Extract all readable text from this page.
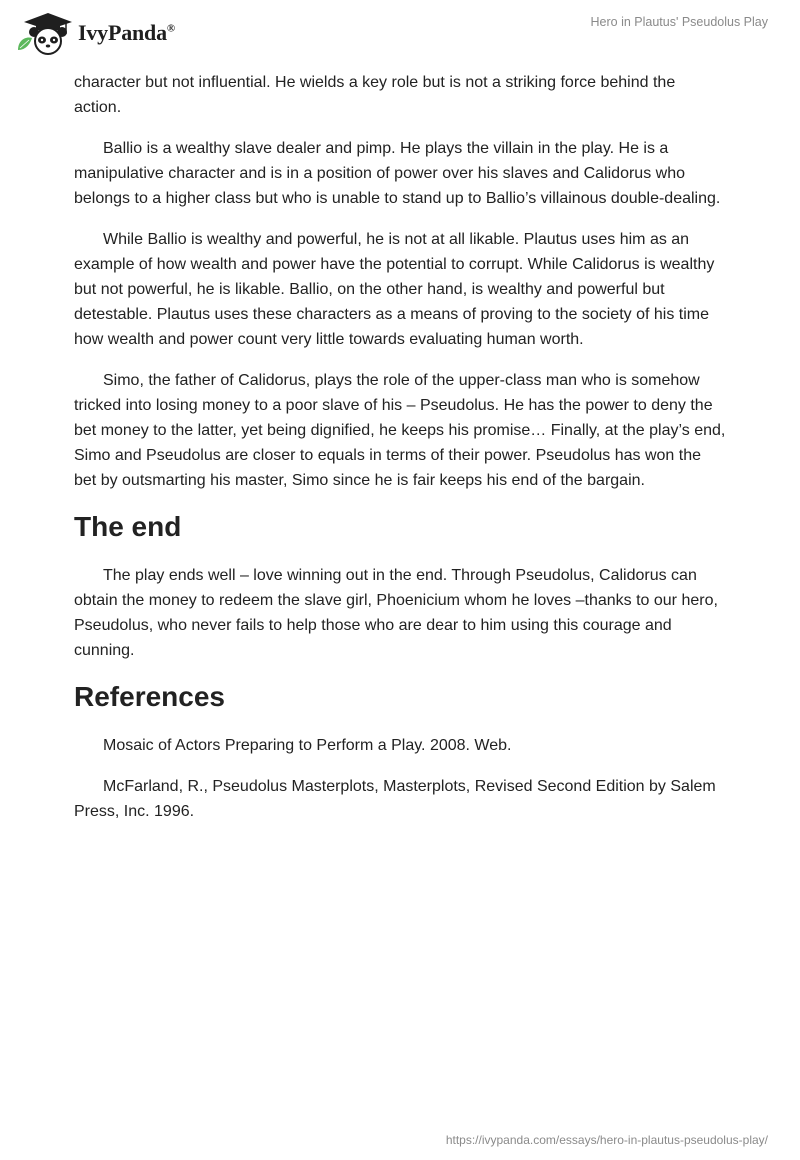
IvyPanda®	Hero in Plautus' Pseudolus Play

character but not influential. He wields a key role but is not a striking force behind the action.

Ballio is a wealthy slave dealer and pimp. He plays the villain in the play. He is a manipulative character and is in a position of power over his slaves and Calidorus who belongs to a higher class but who is unable to stand up to Ballio’s villainous double-dealing.

While Ballio is wealthy and powerful, he is not at all likable. Plautus uses him as an example of how wealth and power have the potential to corrupt. While Calidorus is wealthy but not powerful, he is likable. Ballio, on the other hand, is wealthy and powerful but detestable. Plautus uses these characters as a means of proving to the society of his time how wealth and power count very little towards evaluating human worth.

Simo, the father of Calidorus, plays the role of the upper-class man who is somehow tricked into losing money to a poor slave of his – Pseudolus. He has the power to deny the bet money to the latter, yet being dignified, he keeps his promise… Finally, at the play’s end, Simo and Pseudolus are closer to equals in terms of their power. Pseudolus has won the bet by outsmarting his master, Simo since he is fair keeps his end of the bargain.

The end

The play ends well – love winning out in the end. Through Pseudolus, Calidorus can obtain the money to redeem the slave girl, Phoenicium whom he loves –thanks to our hero, Pseudolus, who never fails to help those who are dear to him using this courage and cunning.

References

Mosaic of Actors Preparing to Perform a Play. 2008. Web.

McFarland, R., Pseudolus Masterplots, Masterplots, Revised Second Edition by Salem Press, Inc. 1996.

https://ivypanda.com/essays/hero-in-plautus-pseudolus-play/
